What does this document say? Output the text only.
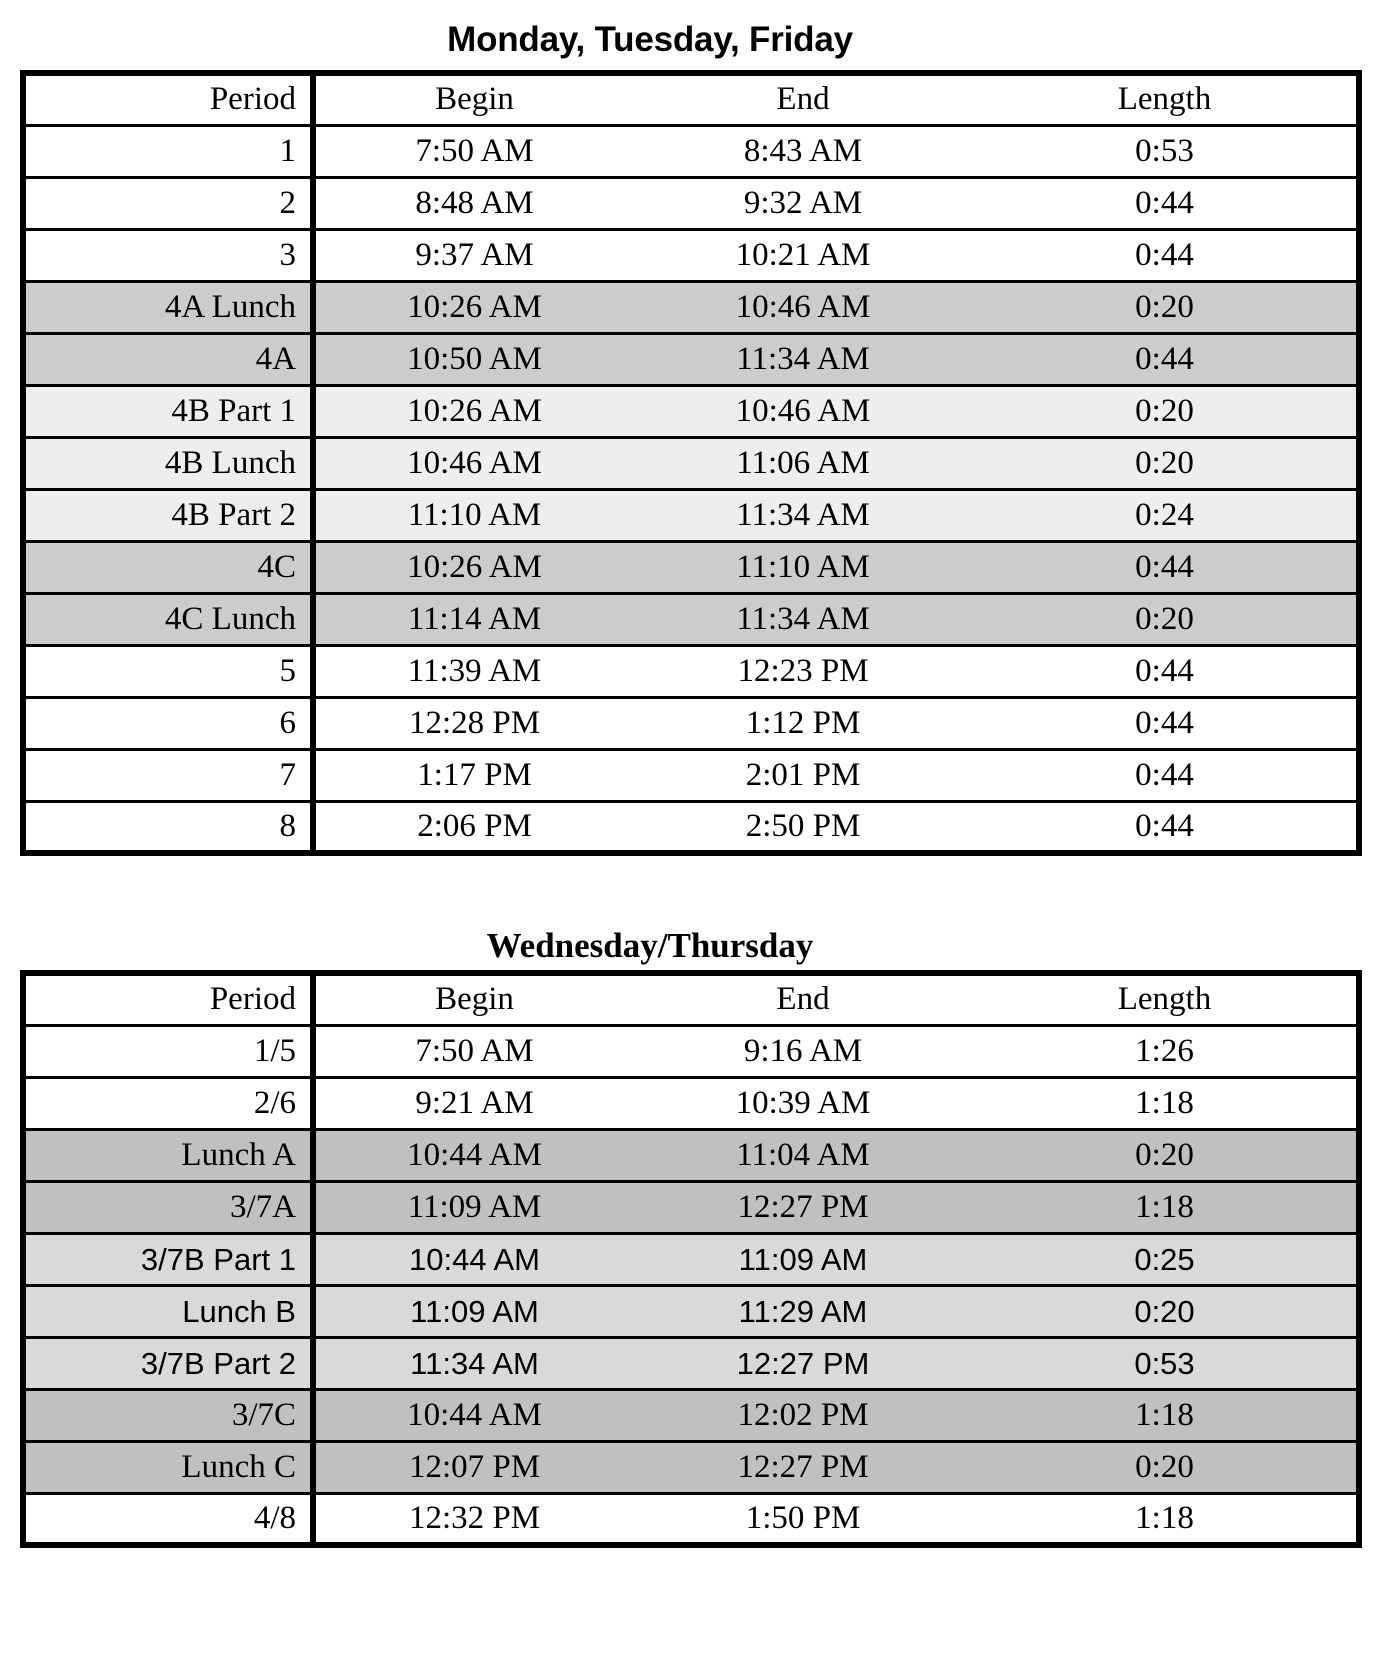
Monday, Tuesday, Friday
Period	Begin	End	Length
1	7:50 AM	8:43 AM	0:53
2	8:48 AM	9:32 AM	0:44
3	9:37 AM	10:21 AM	0:44
4A Lunch	10:26 AM	10:46 AM	0:20
4A	10:50 AM	11:34 AM	0:44
4B Part 1	10:26 AM	10:46 AM	0:20
4B Lunch	10:46 AM	11:06 AM	0:20
4B Part 2	11:10 AM	11:34 AM	0:24
4C	10:26 AM	11:10 AM	0:44
4C Lunch	11:14 AM	11:34 AM	0:20
5	11:39 AM	12:23 PM	0:44
6	12:28 PM	1:12 PM	0:44
7	1:17 PM	2:01 PM	0:44
8	2:06 PM	2:50 PM	0:44
Wednesday/Thursday
Period	Begin	End	Length
1/5	7:50 AM	9:16 AM	1:26
2/6	9:21 AM	10:39 AM	1:18
Lunch A	10:44 AM	11:04 AM	0:20
3/7A	11:09 AM	12:27 PM	1:18
3/7B Part 1	10:44 AM	11:09 AM	0:25
Lunch B	11:09 AM	11:29 AM	0:20
3/7B Part 2	11:34 AM	12:27 PM	0:53
3/7C	10:44 AM	12:02 PM	1:18
Lunch C	12:07 PM	12:27 PM	0:20
4/8	12:32 PM	1:50 PM	1:18
